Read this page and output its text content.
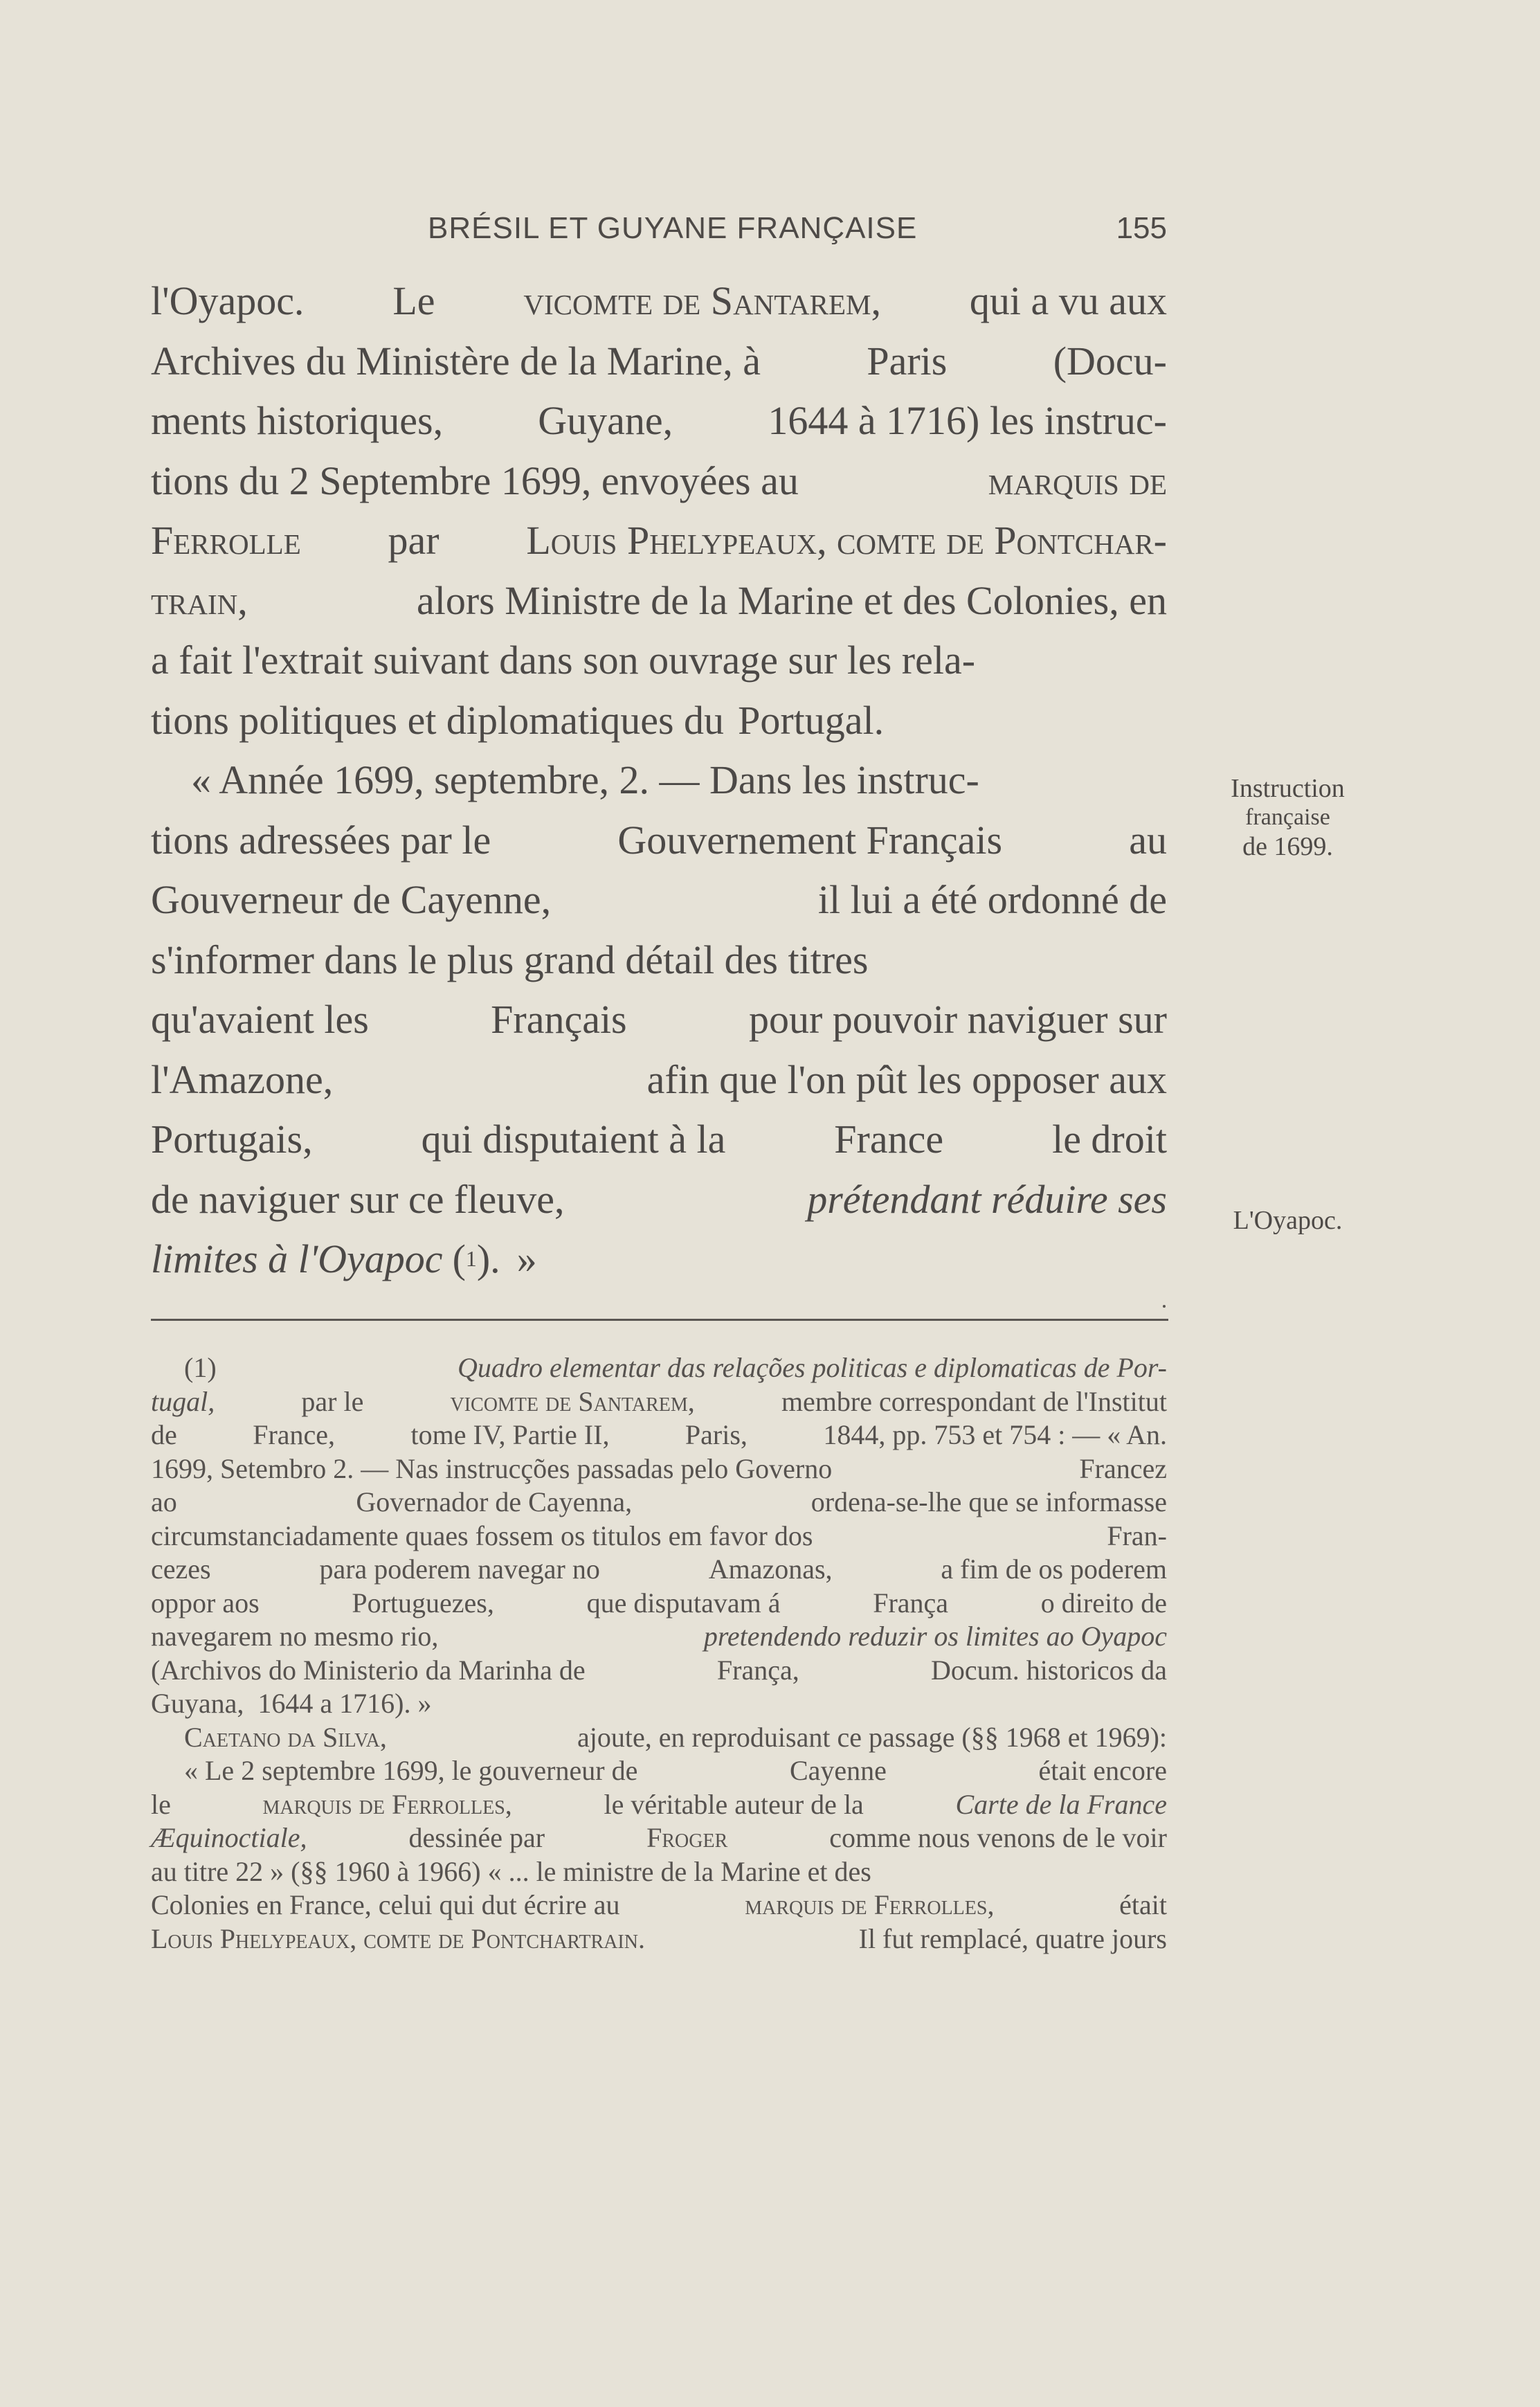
BRÉSIL ET GUYANE FRANÇAISE	155
l'Oyapoc. Le vicomte de Santarem, qui a vu aux
Archives du Ministère de la Marine, à	Paris	(Docu-
ments historiques, Guyane, 1644 à 1716) les instruc-
tions du 2 Septembre 1699, envoyées au	marquis de
Ferrolle par Louis Phelypeaux, comte de Pontchar-
train,	alors Ministre de la Marine et des Colonies, en
a fait l'extrait suivant dans son ouvrage sur les rela-
tions politiques et diplomatiques du Portugal.
« Année 1699, septembre, 2. — Dans les instruc-
tions adressées par le	Gouvernement Français	au
Gouverneur de Cayenne,	il lui a été ordonné de
s'informer dans le plus grand détail des titres
qu'avaient les	Français	pour pouvoir naviguer sur
l'Amazone,	afin que l'on pût les opposer aux
Portugais,	qui disputaient à la	France	le droit
de naviguer sur ce fleuve,	prétendant réduire ses
limites à l'Oyapoc ( 1 ). »
Instruction
française
de 1699.
L'Oyapoc.
(1)	Quadro elementar das relações politicas e diplomaticas de Por-
tugal,	par le	vicomte de Santarem,	membre correspondant de l'Institut
de	France,	tome IV, Partie II,	Paris,	1844, pp. 753 et 754 : — « An.
1699, Setembro 2. — Nas instrucções passadas pelo Governo	Francez
ao	Governador de Cayenna,	ordena-se-lhe que se informasse
circumstanciadamente quaes fossem os titulos em favor dos	Fran-
cezes	para poderem navegar no	Amazonas,	a fim de os poderem
oppor aos	Portuguezes,	que disputavam á	França	o direito de
navegarem no mesmo rio,	pretendendo reduzir os limites ao Oyapoc
(Archivos do Ministerio da Marinha de	França,	Docum. historicos da
Guyana, 1644 a 1716). »
Caetano da Silva,	ajoute, en reproduisant ce passage (§§ 1968 et 1969):
« Le 2 septembre 1699, le gouverneur de	Cayenne	était encore
le	marquis de Ferrolles,	le véritable auteur de la	Carte de la France
Æquinoctiale,	dessinée par	Froger	comme nous venons de le voir
au titre 22 » (§§ 1960 à 1966) « ... le ministre de la Marine et des
Colonies en France, celui qui dut écrire au	marquis de Ferrolles,	était
Louis Phelypeaux, comte de Pontchartrain.	Il fut remplacé, quatre jours
